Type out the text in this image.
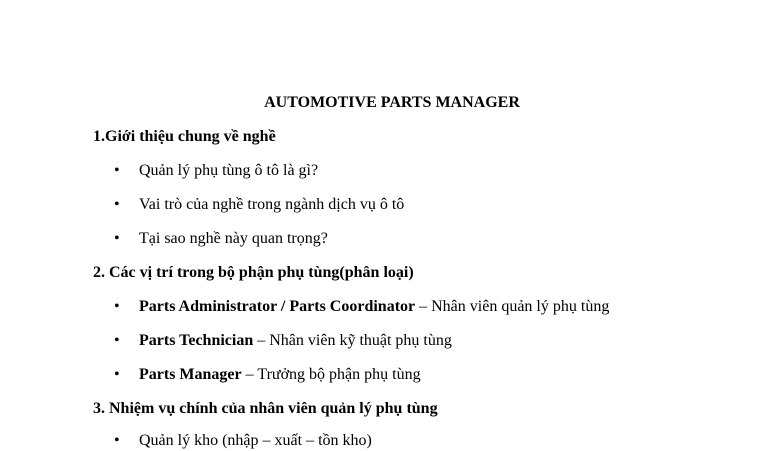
AUTOMOTIVE PARTS MANAGER
1.Giới thiệu chung về nghề
•	Quản lý phụ tùng ô tô là gì?
•	Vai trò của nghề trong ngành dịch vụ ô tô
•	Tại sao nghề này quan trọng?
2. Các vị trí trong bộ phận phụ tùng(phân loại)
•	Parts Administrator / Parts Coordinator – Nhân viên quản lý phụ tùng
•	Parts Technician – Nhân viên kỹ thuật phụ tùng
•	Parts Manager – Trưởng bộ phận phụ tùng
3. Nhiệm vụ chính của nhân viên quản lý phụ tùng
•	Quản lý kho (nhập – xuất – tồn kho)
